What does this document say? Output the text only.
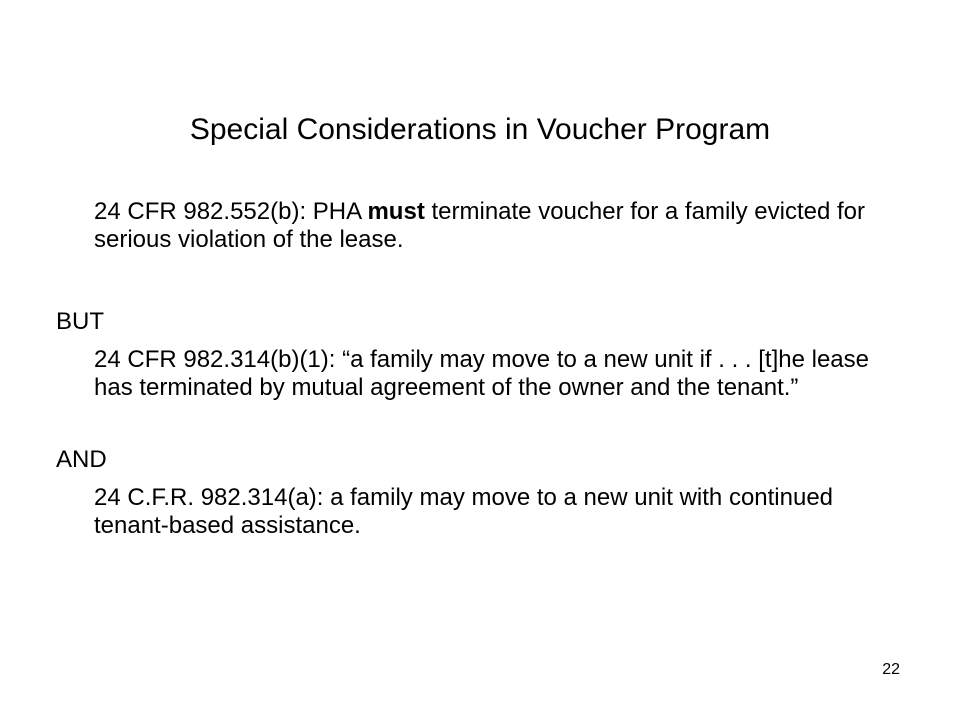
Special Considerations in Voucher Program
24 CFR 982.552(b): PHA must terminate voucher for a family evicted for serious violation of the lease.
BUT
24 CFR 982.314(b)(1): “a family may move to a new unit if . . . [t]he lease has terminated by mutual agreement of the owner and the tenant.”
AND
24 C.F.R. 982.314(a): a family may move to a new unit with continued tenant-based assistance.
22
